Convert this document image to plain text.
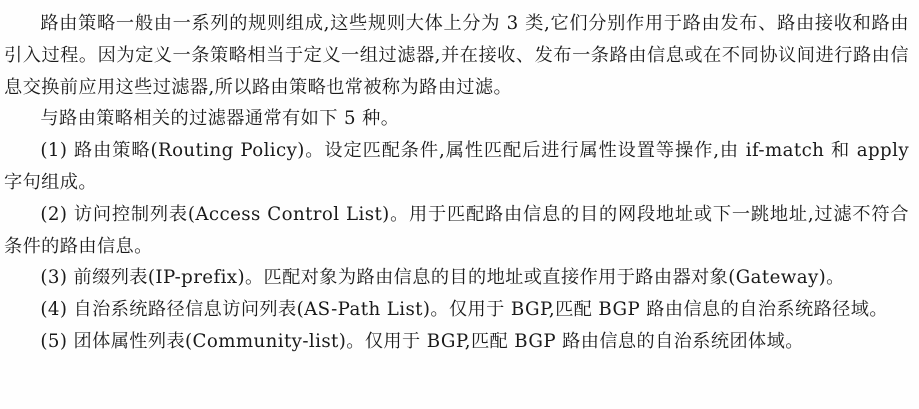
路由策略一般由一系列的规则组成,这些规则大体上分为 3 类,它们分别作用于路由发布、路由接收和路由引入过程。因为定义一条策略相当于定义一组过滤器,并在接收、发布一条路由信息或在不同协议间进行路由信息交换前应用这些过滤器,所以路由策略也常被称为路由过滤。

与路由策略相关的过滤器通常有如下 5 种。

(1) 路由策略(Routing Policy)。设定匹配条件,属性匹配后进行属性设置等操作,由 if-match 和 apply 字句组成。

(2) 访问控制列表(Access Control List)。用于匹配路由信息的目的网段地址或下一跳地址,过滤不符合条件的路由信息。

(3) 前缀列表(IP-prefix)。匹配对象为路由信息的目的地址或直接作用于路由器对象(Gateway)。

(4) 自治系统路径信息访问列表(AS-Path List)。仅用于 BGP,匹配 BGP 路由信息的自治系统路径域。

(5) 团体属性列表(Community-list)。仅用于 BGP,匹配 BGP 路由信息的自治系统团体域。
